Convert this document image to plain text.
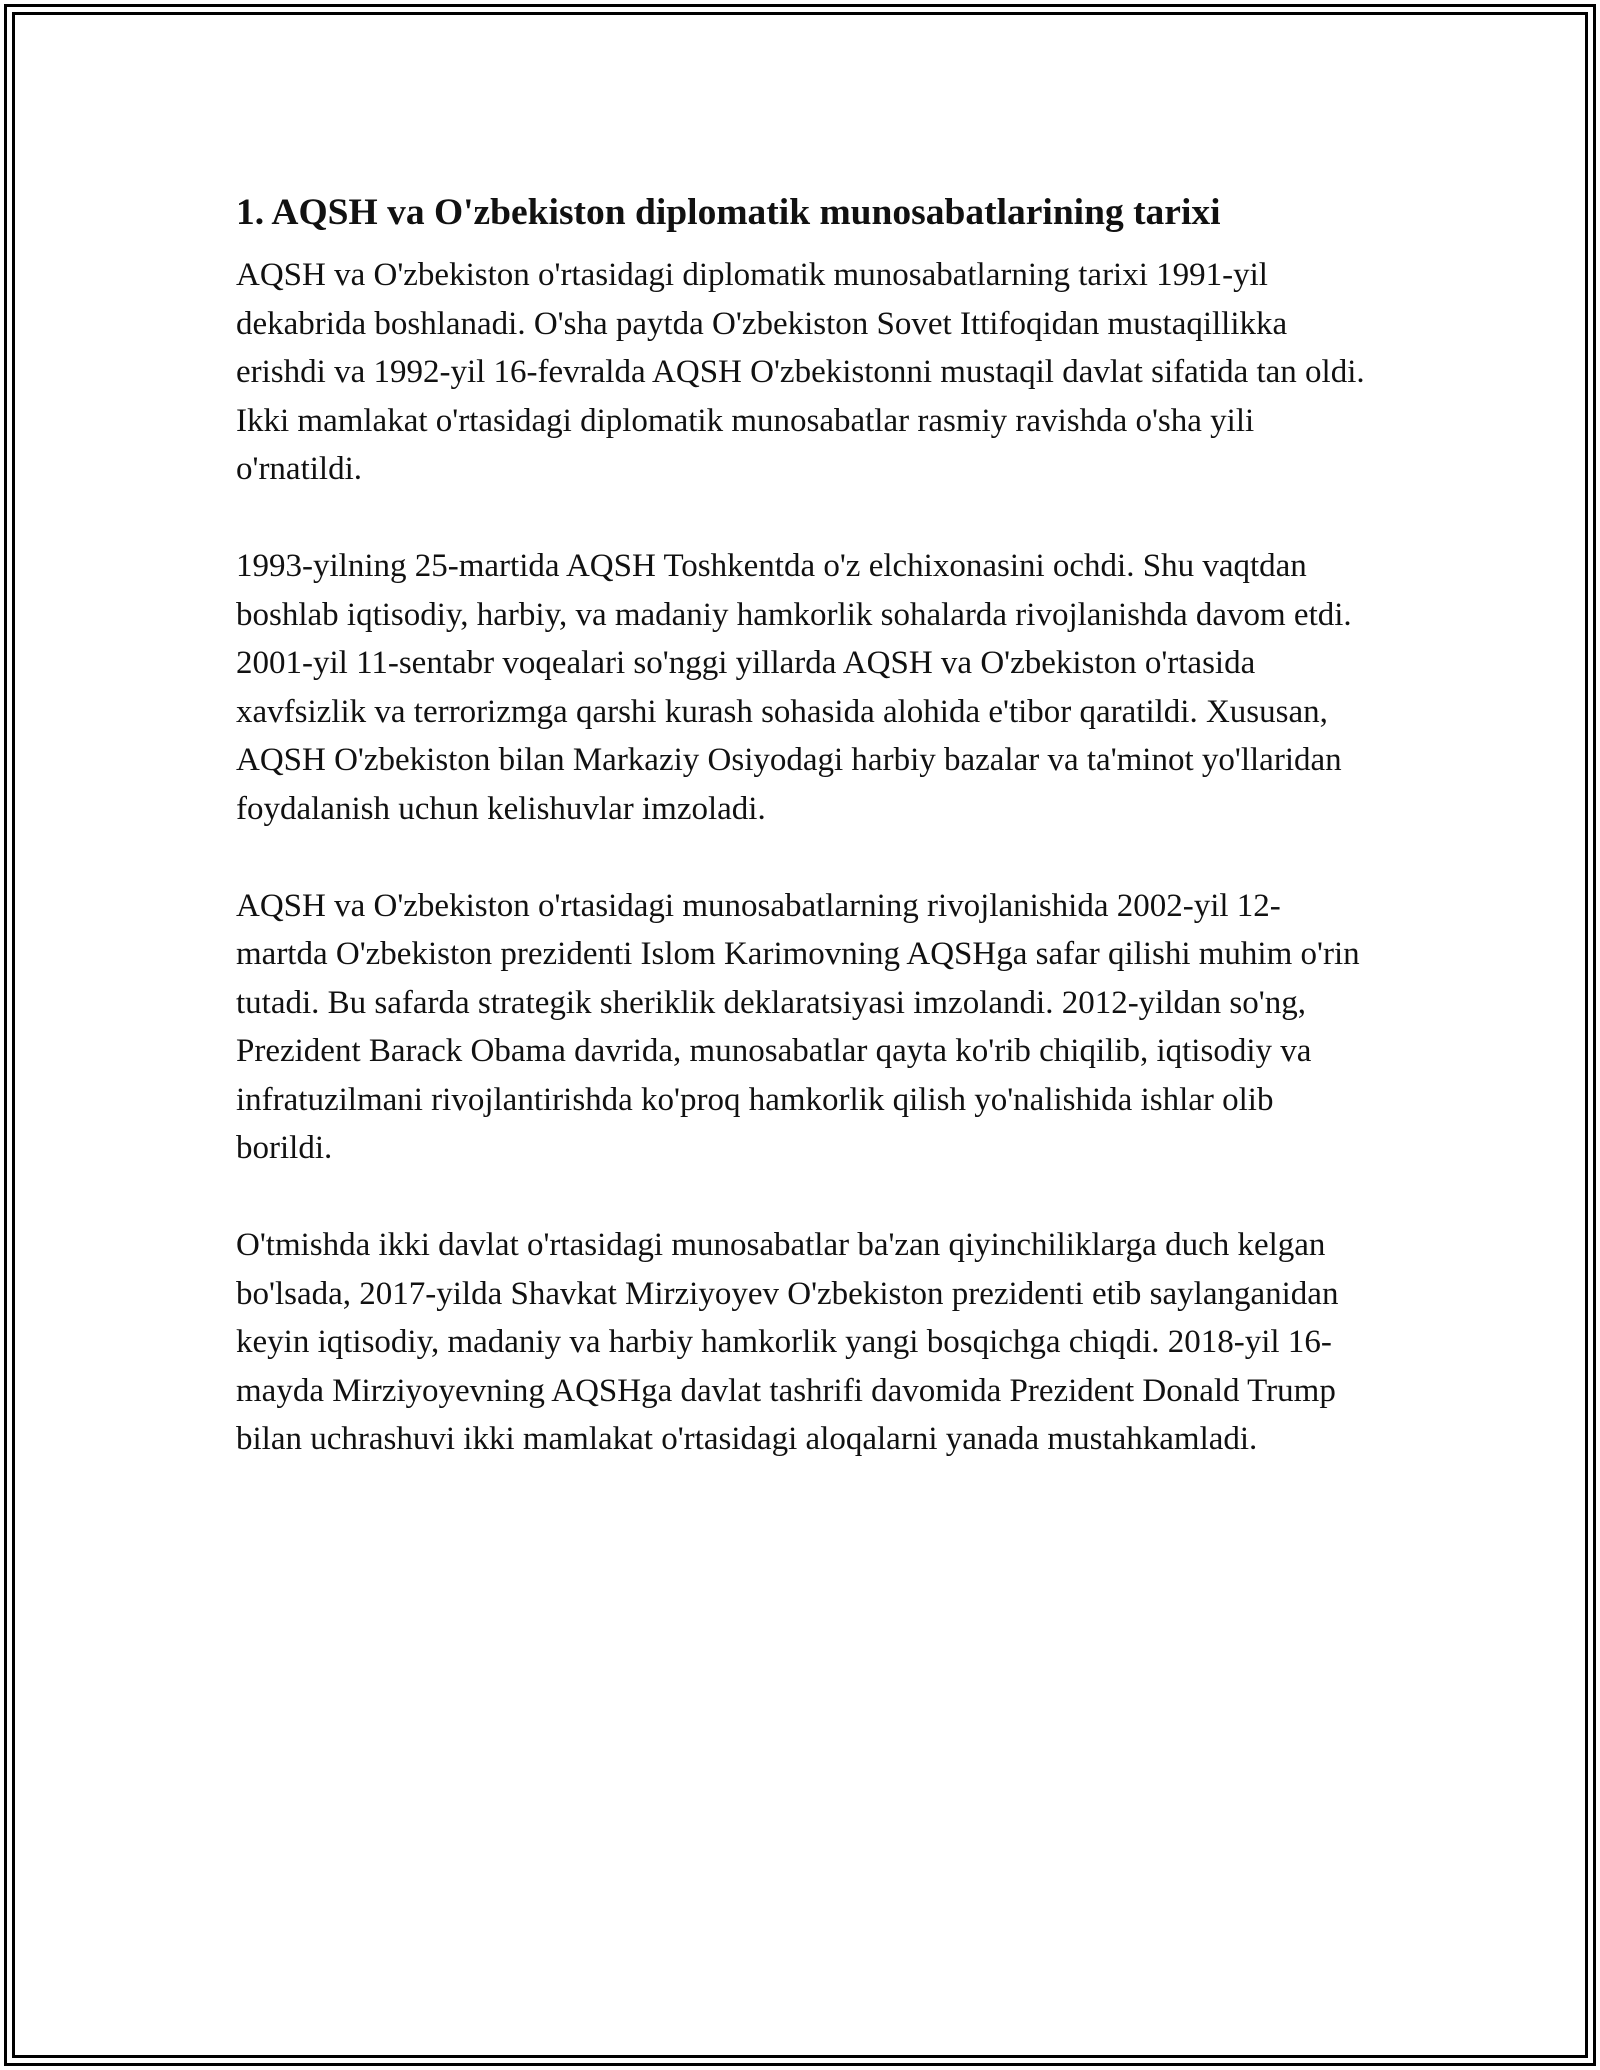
1. AQSH va O'zbekiston diplomatik munosabatlarining tarixi

AQSH va O'zbekiston o'rtasidagi diplomatik munosabatlarning tarixi 1991-yil dekabrida boshlanadi. O'sha paytda O'zbekiston Sovet Ittifoqidan mustaqillikka erishdi va 1992-yil 16-fevralda AQSH O'zbekistonni mustaqil davlat sifatida tan oldi. Ikki mamlakat o'rtasidagi diplomatik munosabatlar rasmiy ravishda o'sha yili o'rnatildi.

1993-yilning 25-martida AQSH Toshkentda o'z elchixonasini ochdi. Shu vaqtdan boshlab iqtisodiy, harbiy, va madaniy hamkorlik sohalarda rivojlanishda davom etdi. 2001-yil 11-sentabr voqealari so'nggi yillarda AQSH va O'zbekiston o'rtasida xavfsizlik va terrorizmga qarshi kurash sohasida alohida e'tibor qaratildi. Xususan, AQSH O'zbekiston bilan Markaziy Osiyodagi harbiy bazalar va ta'minot yo'llaridan foydalanish uchun kelishuvlar imzoladi.

AQSH va O'zbekiston o'rtasidagi munosabatlarning rivojlanishida 2002-yil 12-martda O'zbekiston prezidenti Islom Karimovning AQSHga safar qilishi muhim o'rin tutadi. Bu safarda strategik sheriklik deklaratsiyasi imzolandi. 2012-yildan so'ng, Prezident Barack Obama davrida, munosabatlar qayta ko'rib chiqilib, iqtisodiy va infratuzilmani rivojlantirishda ko'proq hamkorlik qilish yo'nalishida ishlar olib borildi.

O'tmishda ikki davlat o'rtasidagi munosabatlar ba'zan qiyinchiliklarga duch kelgan bo'lsada, 2017-yilda Shavkat Mirziyoyev O'zbekiston prezidenti etib saylanganidan keyin iqtisodiy, madaniy va harbiy hamkorlik yangi bosqichga chiqdi. 2018-yil 16-mayda Mirziyoyevning AQSHga davlat tashrifi davomida Prezident Donald Trump bilan uchrashuvi ikki mamlakat o'rtasidagi aloqalarni yanada mustahkamladi.
